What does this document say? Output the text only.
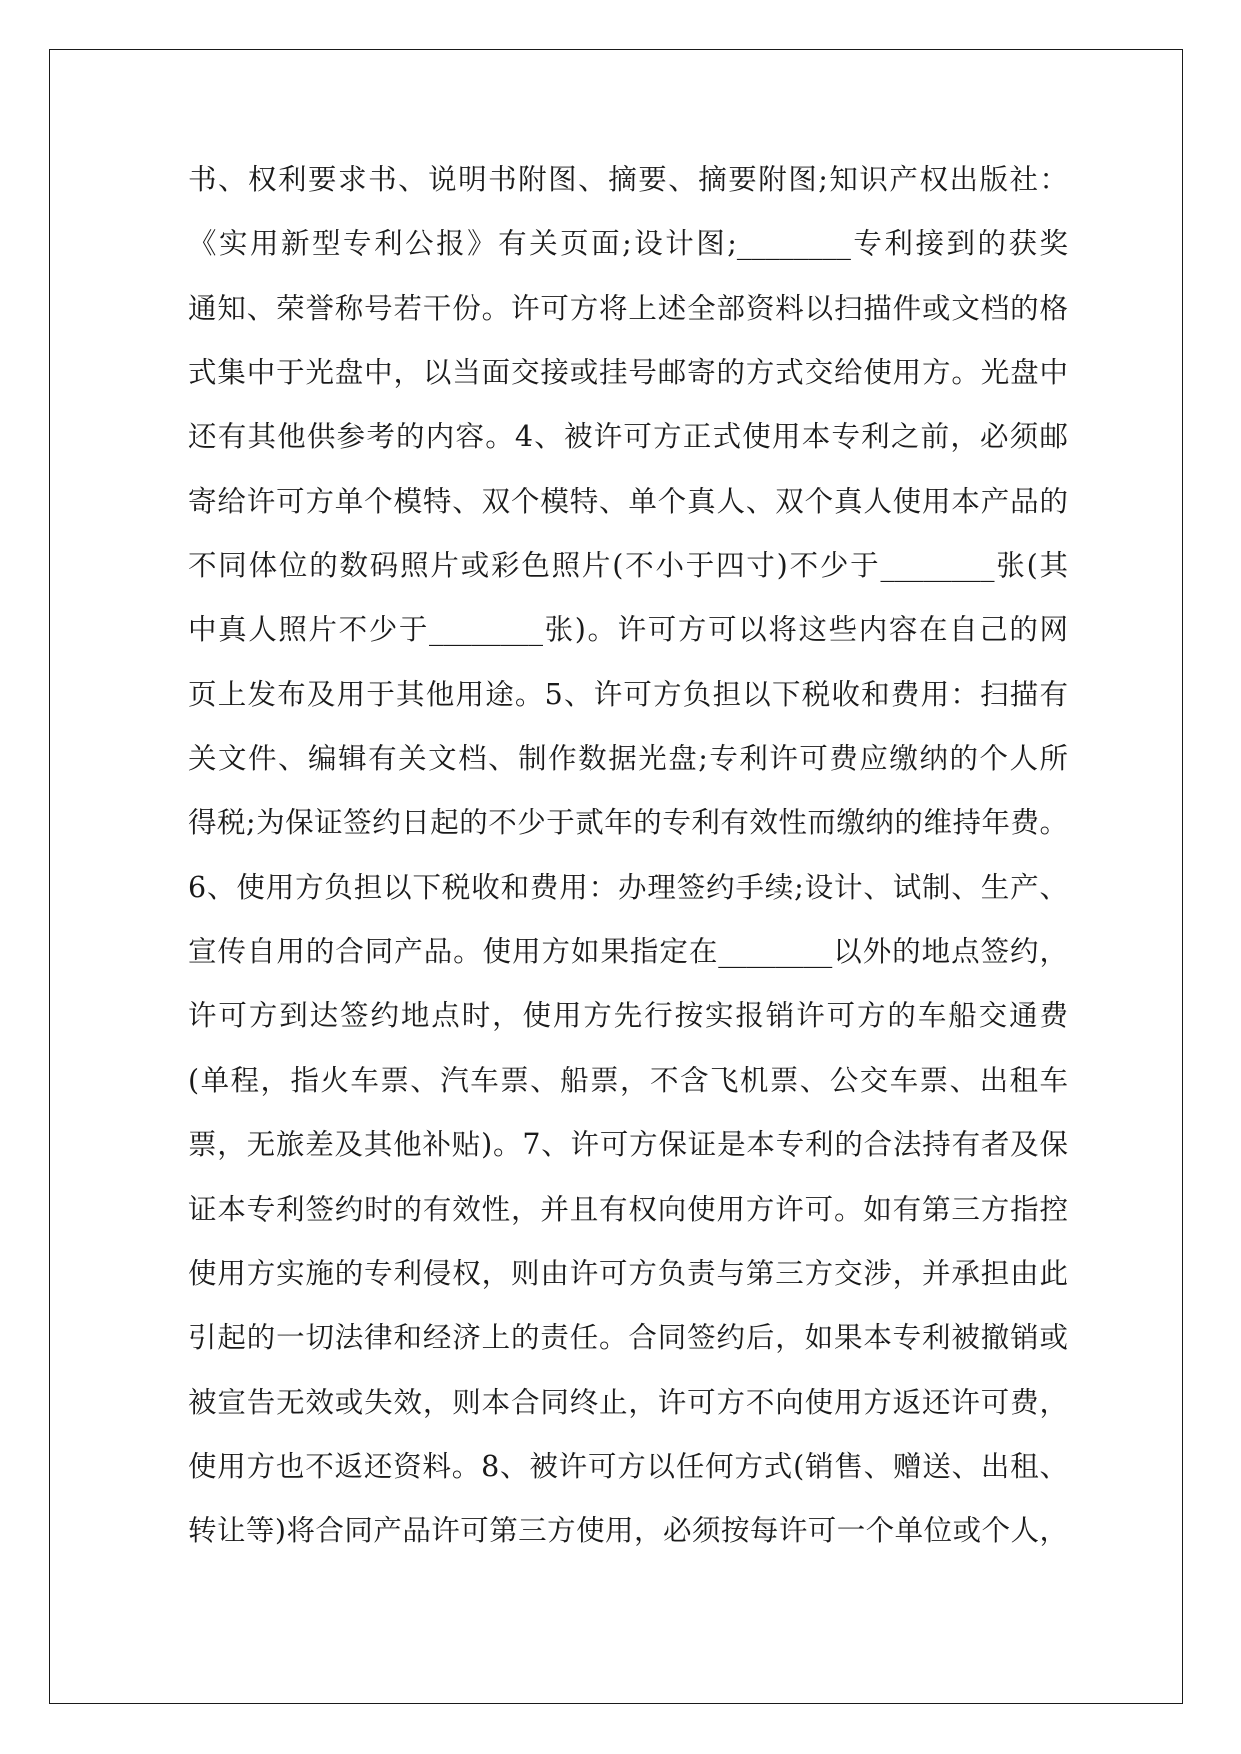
书、权利要求书、说明书附图、摘要、摘要附图;知识产权出版社：
《实用新型专利公报》有关页面;设计图;________专利接到的获奖
通知、荣誉称号若干份。许可方将上述全部资料以扫描件或文档的格
式集中于光盘中，以当面交接或挂号邮寄的方式交给使用方。光盘中
还有其他供参考的内容。4、被许可方正式使用本专利之前，必须邮
寄给许可方单个模特、双个模特、单个真人、双个真人使用本产品的
不同体位的数码照片或彩色照片(不小于四寸)不少于________张(其
中真人照片不少于________张)。许可方可以将这些内容在自己的网
页上发布及用于其他用途。5、许可方负担以下税收和费用：扫描有
关文件、编辑有关文档、制作数据光盘;专利许可费应缴纳的个人所
得税;为保证签约日起的不少于贰年的专利有效性而缴纳的维持年费。
6、使用方负担以下税收和费用：办理签约手续;设计、试制、生产、
宣传自用的合同产品。使用方如果指定在________以外的地点签约，
许可方到达签约地点时，使用方先行按实报销许可方的车船交通费
(单程，指火车票、汽车票、船票，不含飞机票、公交车票、出租车
票，无旅差及其他补贴)。7、许可方保证是本专利的合法持有者及保
证本专利签约时的有效性，并且有权向使用方许可。如有第三方指控
使用方实施的专利侵权，则由许可方负责与第三方交涉，并承担由此
引起的一切法律和经济上的责任。合同签约后，如果本专利被撤销或
被宣告无效或失效，则本合同终止，许可方不向使用方返还许可费，
使用方也不返还资料。8、被许可方以任何方式(销售、赠送、出租、
转让等)将合同产品许可第三方使用，必须按每许可一个单位或个人，
